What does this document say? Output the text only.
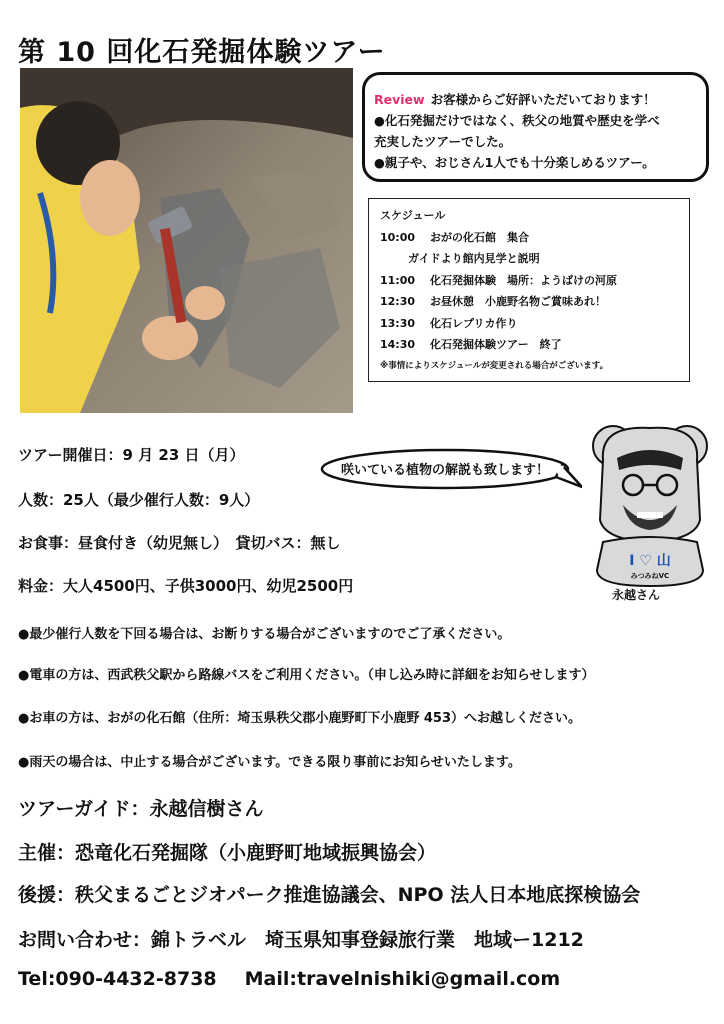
第 10 回化石発掘体験ツアー
Review お客様からご好評いただいております！
●化石発掘だけではなく、秩父の地質や歴史を学べ
充実したツアーでした。
●親子や、おじさん1人でも十分楽しめるツアー。
スケジュール
10:00 おがの化石館　集合
ガイドより館内見学と説明
11:00 化石発掘体験　場所：ようばけの河原
12:30 お昼休憩　小鹿野名物ご賞味あれ！
13:30 化石レプリカ作り
14:30 化石発掘体験ツアー　終了
※事情によりスケジュールが変更される場合がございます。
咲いている植物の解説も致します！
I ♡ 山
みつみねVC
永越さん
ツアー開催日：9 月 23 日（月）
人数：25人（最少催行人数：9人）
お食事：昼食付き（幼児無し）　貸切バス：無し
料金：大人4500円、子供3000円、幼児2500円
●最少催行人数を下回る場合は、お断りする場合がございますのでご了承ください。
●電車の方は、西武秩父駅から路線バスをご利用ください。（申し込み時に詳細をお知らせします）
●お車の方は、おがの化石館（住所：埼玉県秩父郡小鹿野町下小鹿野 453）へお越しください。
●雨天の場合は、中止する場合がございます。できる限り事前にお知らせいたします。
ツアーガイド：永越信樹さん
主催：恐竜化石発掘隊（小鹿野町地域振興協会）
後援：秩父まるごとジオパーク推進協議会、NPO 法人日本地底探検協会
お問い合わせ：錦トラベル　埼玉県知事登録旅行業　地域ー1212
Tel:090-4432-8738 Mail:travelnishiki@gmail.com
